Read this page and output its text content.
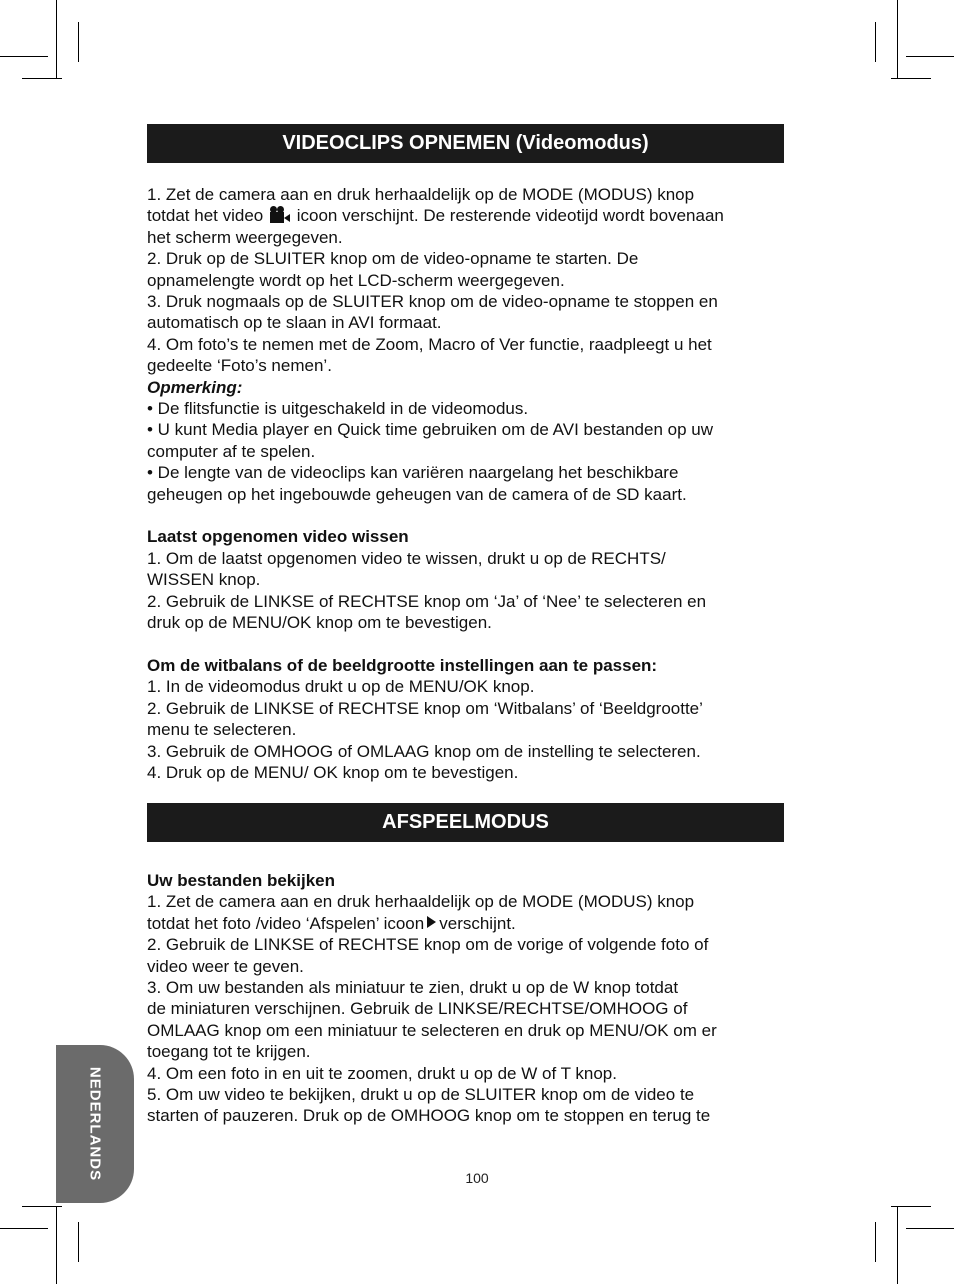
VIDEOCLIPS OPNEMEN (Videomodus)

1. Zet de camera aan en druk herhaaldelijk op de MODE (MODUS) knop

totdat het video icoon verschijnt. De resterende videotijd wordt bovenaan

het scherm weergegeven.

2. Druk op de SLUITER knop om de video-opname te starten. De

opnamelengte wordt op het LCD-scherm weergegeven.

3. Druk nogmaals op de SLUITER knop om de video-opname te stoppen en

automatisch op te slaan in AVI formaat.

4. Om foto’s te nemen met de Zoom, Macro of Ver functie, raadpleegt u het

gedeelte ‘Foto’s nemen’.

Opmerking:

• De flitsfunctie is uitgeschakeld in de videomodus.

• U kunt Media player en Quick time gebruiken om de AVI bestanden op uw

computer af te spelen.

• De lengte van de videoclips kan variëren naargelang het beschikbare

geheugen op het ingebouwde geheugen van de camera of de SD kaart.

Laatst opgenomen video wissen

1. Om de laatst opgenomen video te wissen, drukt u op de RECHTS/

WISSEN knop.

2. Gebruik de LINKSE of RECHTSE knop om ‘Ja’ of ‘Nee’ te selecteren en

druk op de MENU/OK knop om te bevestigen.

Om de witbalans of de beeldgrootte instellingen aan te passen:

1. In de videomodus drukt u op de MENU/OK knop.

2. Gebruik de LINKSE of RECHTSE knop om ‘Witbalans’ of ‘Beeldgrootte’

menu te selecteren.

3. Gebruik de OMHOOG of OMLAAG knop om de instelling te selecteren.

4. Druk op de MENU/ OK knop om te bevestigen.

AFSPEELMODUS

Uw bestanden bekijken

1. Zet de camera aan en druk herhaaldelijk op de MODE (MODUS) knop

totdat het foto /video ‘Afspelen’ icoon verschijnt.

2. Gebruik de LINKSE of RECHTSE knop om de vorige of volgende foto of

video weer te geven.

3. Om uw bestanden als miniatuur te zien, drukt u op de W knop totdat

de miniaturen verschijnen. Gebruik de LINKSE/RECHTSE/OMHOOG of

OMLAAG knop om een miniatuur te selecteren en druk op MENU/OK om er

toegang tot te krijgen.

4. Om een foto in en uit te zoomen, drukt u op de W of T knop.

5. Om uw video te bekijken, drukt u op de SLUITER knop om de video te

starten of pauzeren. Druk op de OMHOOG knop om te stoppen en terug te

NEDERLANDS	100
